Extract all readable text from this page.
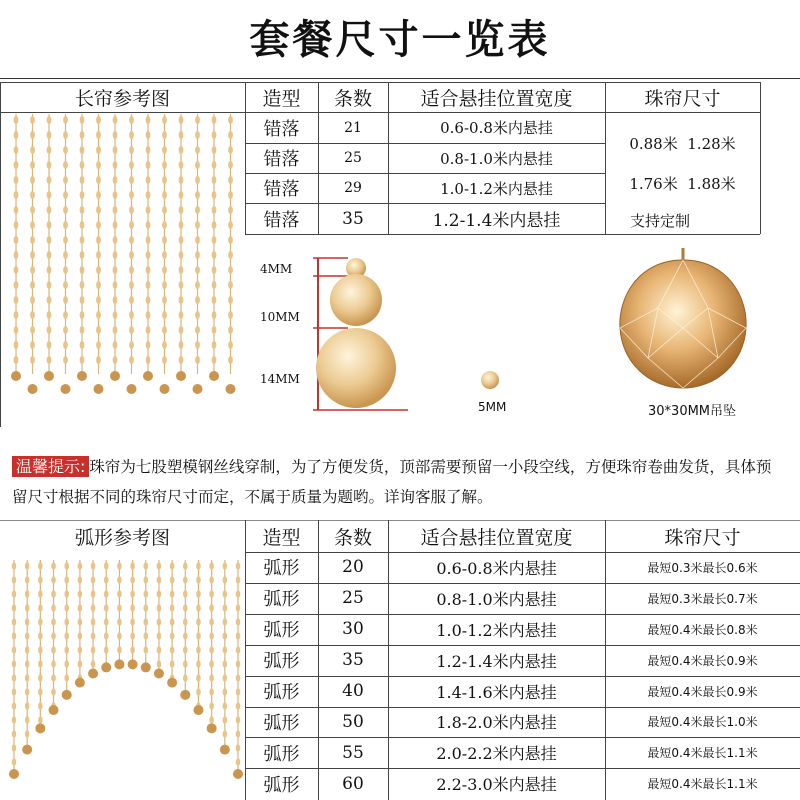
套餐尺寸一览表
长帘参考图	造型	条数	适合悬挂位置宽度	珠帘尺寸
错落	21	0.6-0.8米内悬挂
错落	25	0.8-1.0米内悬挂
错落	29	1.0-1.2米内悬挂
错落	35	1.2-1.4米内悬挂
0.88米  1.28米
1.76米  1.88米
支持定制
4MM
10MM
14MM
5MM	30*30MM吊坠
温馨提示: 珠帘为七股塑模钢丝线穿制，为了方便发货，顶部需要预留一小段空线，方便珠帘卷曲发货，具体预留尺寸根据不同的珠帘尺寸而定，不属于质量为题哟。详询客服了解。
弧形参考图	造型	条数	适合悬挂位置宽度	珠帘尺寸
弧形	20	0.6-0.8米内悬挂	最短0.3米最长0.6米
弧形	25	0.8-1.0米内悬挂	最短0.3米最长0.7米
弧形	30	1.0-1.2米内悬挂	最短0.4米最长0.8米
弧形	35	1.2-1.4米内悬挂	最短0.4米最长0.9米
弧形	40	1.4-1.6米内悬挂	最短0.4米最长0.9米
弧形	50	1.8-2.0米内悬挂	最短0.4米最长1.0米
弧形	55	2.0-2.2米内悬挂	最短0.4米最长1.1米
弧形	60	2.2-3.0米内悬挂	最短0.4米最长1.1米
